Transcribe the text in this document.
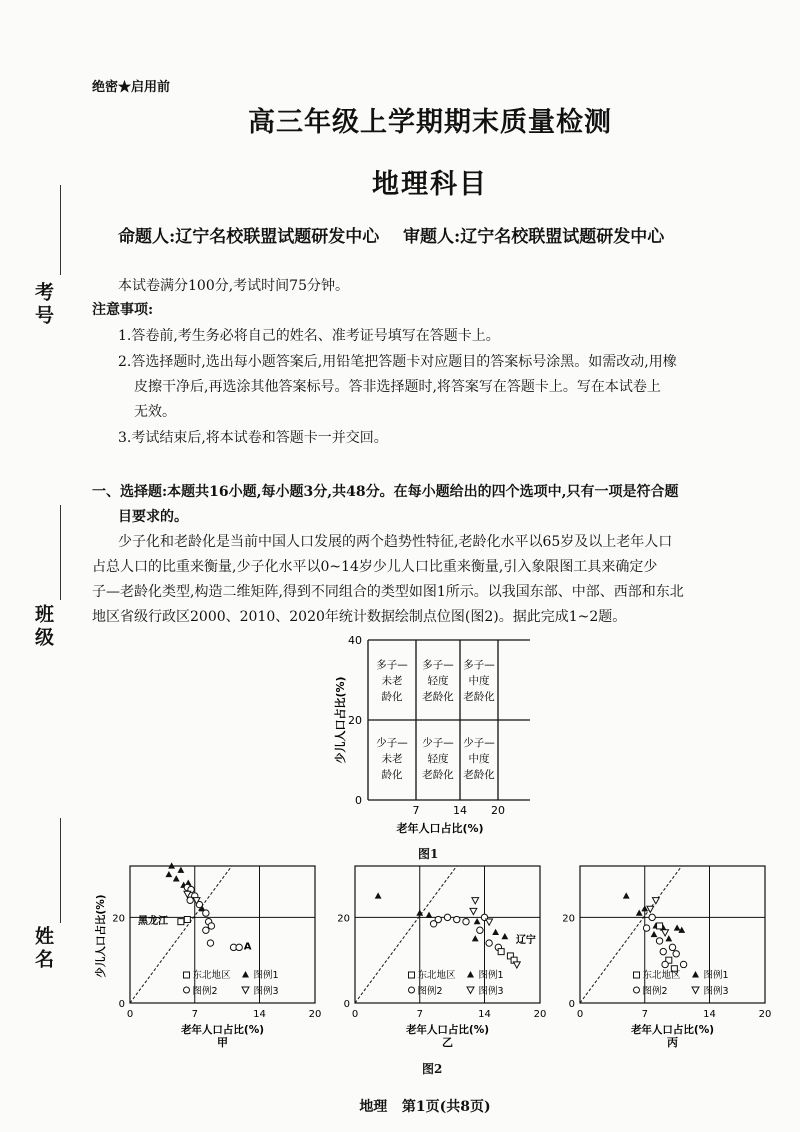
绝密★启用前
高三年级上学期期末质量检测
地理科目
命题人:辽宁名校联盟试题研发中心    审题人:辽宁名校联盟试题研发中心
考号
班级
姓名
本试卷满分100分,考试时间75分钟。
注意事项:
1.答卷前,考生务必将自己的姓名、准考证号填写在答题卡上。
2.答选择题时,选出每小题答案后,用铅笔把答题卡对应题目的答案标号涂黑。如需改动,用橡
皮擦干净后,再选涂其他答案标号。答非选择题时,将答案写在答题卡上。写在本试卷上
无效。
3.考试结束后,将本试卷和答题卡一并交回。
一、选择题:本题共16小题,每小题3分,共48分。在每小题给出的四个选项中,只有一项是符合题
目要求的。
少子化和老龄化是当前中国人口发展的两个趋势性特征,老龄化水平以65岁及以上老年人口
占总人口的比重来衡量,少子化水平以0~14岁少儿人口比重来衡量,引入象限图工具来确定少
子—老龄化类型,构造二维矩阵,得到不同组合的类型如图1所示。以我国东部、中部、西部和东北
地区省级行政区2000、2010、2020年统计数据绘制点位图(图2)。据此完成1~2题。
40
20
0
7	14 20
老年人口占比(%)
少儿人口占比(%)
多子—
未老
龄化
多子—
轻度
老龄化
多子—
中度
老龄化
少子—
未老
龄化
少子—
轻度
老龄化
少子—
中度
老龄化
图1
0	7	14	20
20
0
老年人口占比(%)
甲
少儿人口占比(%)	黑龙江
A
东北地区 图例1
图例2	图例3
0	7	14	20
20
0
老年人口占比(%)
乙
辽宁
东北地区 图例1
图例2	图例3
0	7	14	20
20
0
老年人口占比(%)
丙
东北地区 图例1
图例2	图例3
图2
地理   第1页(共8页)
